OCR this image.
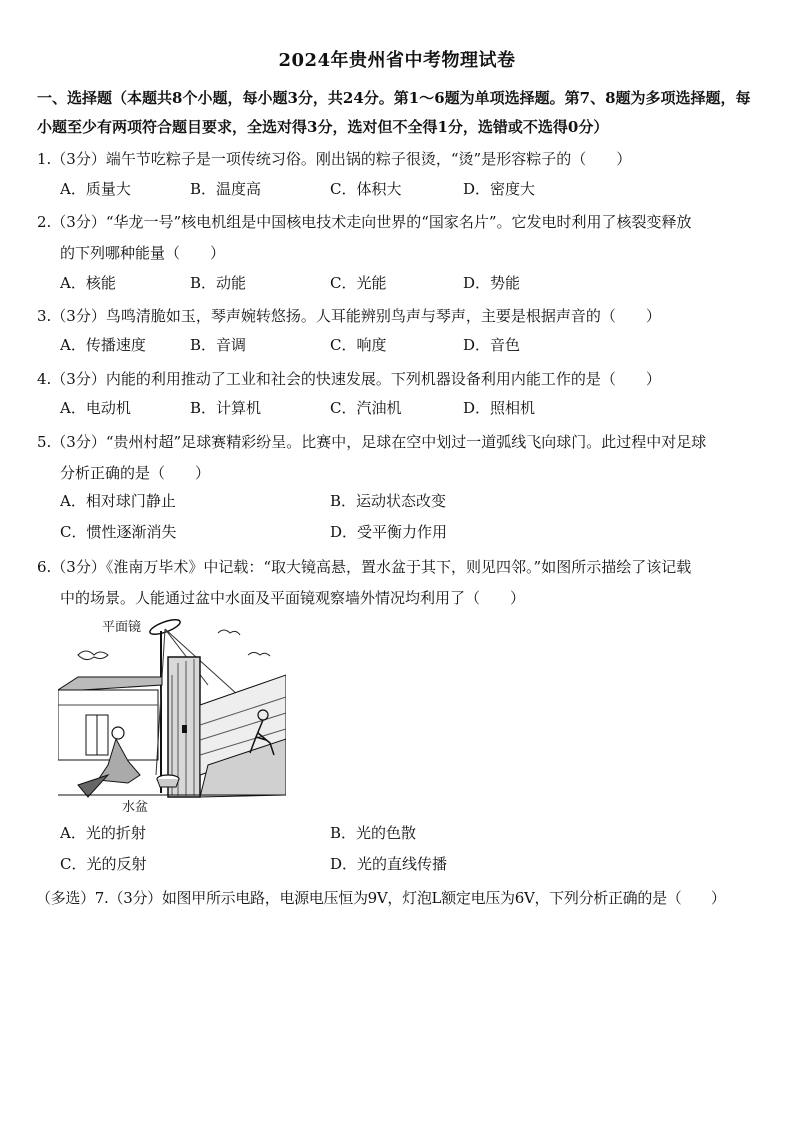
2024年贵州省中考物理试卷
一、选择题（本题共8个小题，每小题3分，共24分。第1～6题为单项选择题。第7、8题为多项选择题，每小题至少有两项符合题目要求，全选对得3分，选对但不全得1分，选错或不选得0分）
1.（3分）端午节吃粽子是一项传统习俗。刚出锅的粽子很烫，“烫”是形容粽子的（　　）
A．质量大	B．温度高	C．体积大	D．密度大
2.（3分）“华龙一号”核电机组是中国核电技术走向世界的“国家名片”。它发电时利用了核裂变释放
的下列哪种能量（　　）
A．核能	B．动能	C．光能	D．势能
3.（3分）鸟鸣清脆如玉，琴声婉转悠扬。人耳能辨别鸟声与琴声，主要是根据声音的（　　）
A．传播速度	B．音调	C．响度	D．音色
4.（3分）内能的利用推动了工业和社会的快速发展。下列机器设备利用内能工作的是（　　）
A．电动机	B．计算机	C．汽油机	D．照相机
5.（3分）“贵州村超”足球赛精彩纷呈。比赛中，足球在空中划过一道弧线飞向球门。此过程中对足球
分析正确的是（　　）
A．相对球门静止	B．运动状态改变
C．惯性逐渐消失	D．受平衡力作用
6.（3分）《淮南万毕术》中记载：“取大镜高悬，置水盆于其下，则见四邻。”如图所示描绘了该记载
中的场景。人能通过盆中水面及平面镜观察墙外情况均利用了（　　）
平面镜
水盆
A．光的折射	B．光的色散
C．光的反射	D．光的直线传播
（多选）7.（3分）如图甲所示电路，电源电压恒为9V，灯泡L额定电压为6V，下列分析正确的是（　　）
